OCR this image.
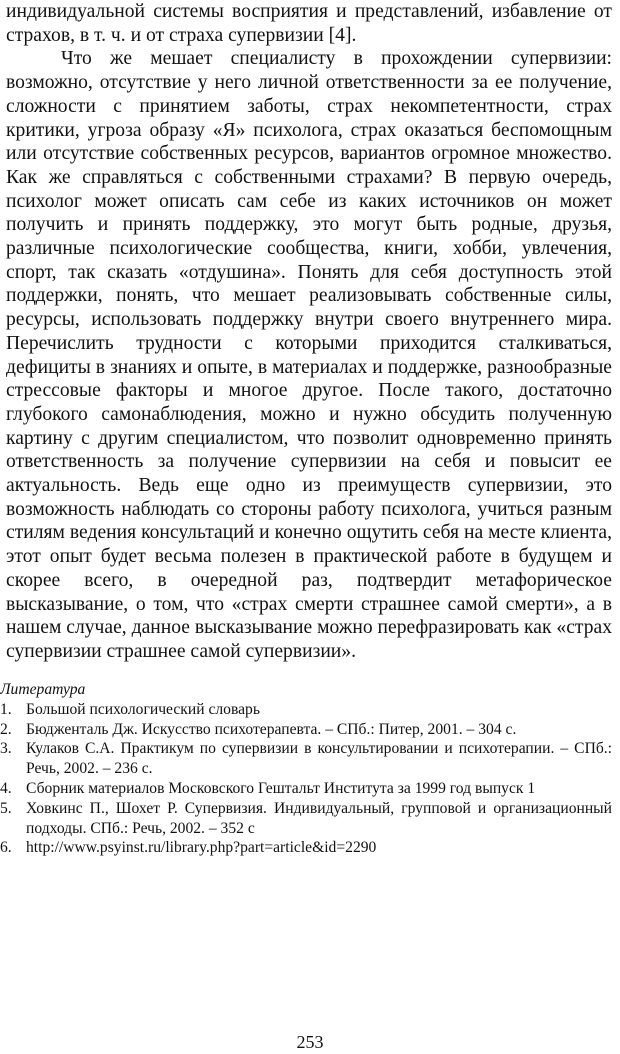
индивидуальной системы восприятия и представлений, избавление от страхов, в т. ч. и от страха супервизии [4].

Что же мешает специалисту в прохождении супервизии: возможно, отсутствие у него личной ответственности за ее получение, сложности с принятием заботы, страх некомпетентности, страх критики, угроза образу «Я» психолога, страх оказаться беспомощным или отсутствие собственных ресурсов, вариантов огромное множество. Как же справляться с собственными страхами? В первую очередь, психолог может описать сам себе из каких источников он может получить и принять поддержку, это могут быть родные, друзья, различные психологические сообщества, книги, хобби, увлечения, спорт, так сказать «отдушина». Понять для себя доступность этой поддержки, понять, что мешает реализовывать собственные силы, ресурсы, использовать поддержку внутри своего внутреннего мира. Перечислить трудности с которыми приходится сталкиваться, дефициты в знаниях и опыте, в материалах и поддержке, разнообразные стрессовые факторы и многое другое. После такого, достаточно глубокого самонаблюдения, можно и нужно обсудить полученную картину с другим специалистом, что позволит одновременно принять ответственность за получение супервизии на себя и повысит ее актуальность. Ведь еще одно из преимуществ супервизии, это возможность наблюдать со стороны работу психолога, учиться разным стилям ведения консультаций и конечно ощутить себя на месте клиента, этот опыт будет весьма полезен в практической работе в будущем и скорее всего, в очередной раз, подтвердит метафорическое высказывание, о том, что «страх смерти страшнее самой смерти», а в нашем случае, данное высказывание можно перефразировать как «страх супервизии страшнее самой супервизии».

Литература
1. Большой психологический словарь
2. Бюдженталь Дж. Искусство психотерапевта. – СПб.: Питер, 2001. – 304 с.
3. Кулаков С.А. Практикум по супервизии в консультировании и психотерапии. – СПб.: Речь, 2002. – 236 с.
4. Сборник материалов Московского Гештальт Института за 1999 год выпуск 1
5. Ховкинс П., Шохет Р. Супервизия. Индивидуальный, групповой и организационный подходы. СПб.: Речь, 2002. – 352 с
6. http://www.psyinst.ru/library.php?part=article&id=2290
253
